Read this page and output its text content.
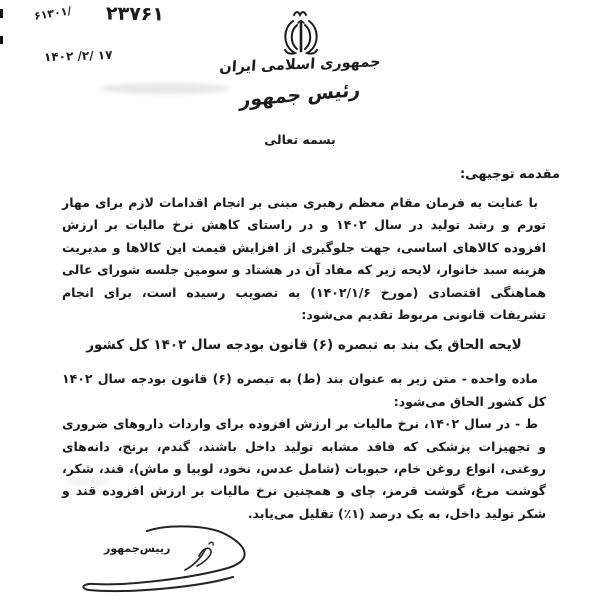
۶۱۳۰۱/ ۲۳۷۶۱
۱۴۰۲ /۲/ ۱۷	جمهوری اسلامی ایران
رئیس جمهور
بسمه تعالی
مقدمه توجیهی:

با عنایت به فرمان مقام معظم رهبری مبنی بر انجام اقدامات لازم برای مهار تورم و رشد تولید در سال ۱۴۰۲ و در راستای کاهش نرخ مالیات بر ارزش افزوده کالاهای اساسی، جهت جلوگیری از افزایش قیمت این کالاها و مدیریت هزینه سبد خانوار، لایحه زیر که مفاد آن در هشتاد و سومین جلسه شورای عالی هماهنگی اقتصادی (مورخ ۱۴۰۲/۱/۶) به تصویب رسیده است، برای انجام تشریفات قانونی مربوط تقدیم می‌شود:

لایحه الحاق یک بند به تبصره (۶) قانون بودجه سال ۱۴۰۲ کل کشور

ماده واحده- متن زیر به عنوان بند (ط) به تبصره (۶) قانون بودجه سال ۱۴۰۲ کل کشور الحاق می‌شود:

ط - در سال ۱۴۰۲، نرخ مالیات بر ارزش افزوده برای واردات داروهای ضروری و تجهیزات پزشکی که فاقد مشابه تولید داخل باشند، گندم، برنج، دانه‌های روغنی، انواع روغن خام، حبوبات (شامل عدس، نخود، لوبیا و ماش)، قند، شکر، گوشت مرغ، گوشت قرمز، چای و همچنین نرخ مالیات بر ارزش افزوده قند و شکر تولید داخل، به یک درصد (۱٪) تقلیل می‌یابد.

رییس‌جمهور
